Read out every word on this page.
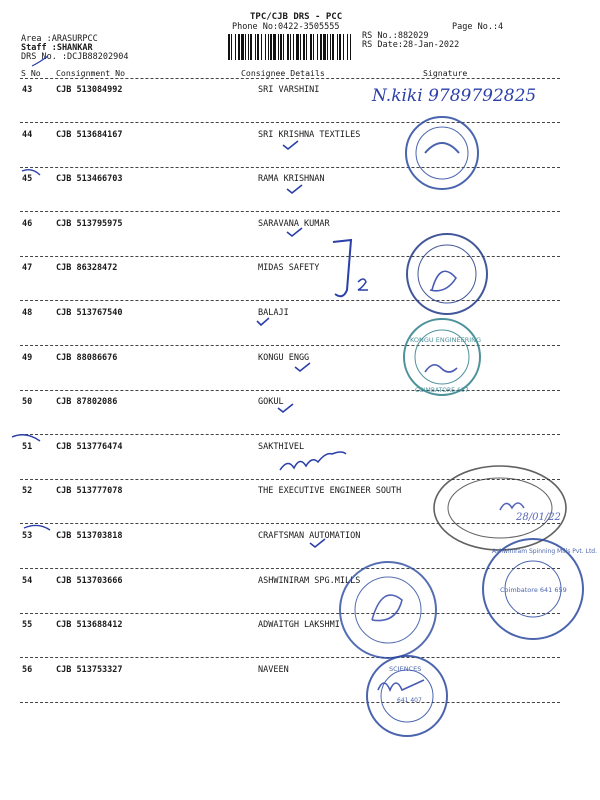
TPC/CJB DRS - PCC
Phone No:0422-3505555	Page No.:4
Area :ARASURPCC
Staff :SHANKAR
DRS No. :DCJB88202904
RS No.:882029
RS Date:28-Jan-2022
S No Consignment No	Consignee Details	Signature
43	CJB 513084992	SRI VARSHINI
44	CJB 513684167	SRI KRISHNA TEXTILES
45	CJB 513466703	RAMA KRISHNAN
46	CJB 513795975	SARAVANA KUMAR
47	CJB 86328472	MIDAS SAFETY
48	CJB 513767540	BALAJI
49	CJB 88086676	KONGU ENGG
50	CJB 87802086	GOKUL
51	CJB 513776474	SAKTHIVEL
52	CJB 513777078	THE EXECUTIVE ENGINEER SOUTH
53	CJB 513703818	CRAFTSMAN AUTOMATION
54	CJB 513703666	ASHWINIRAM SPG.MILLS
55	CJB 513688412	ADWAITGH LAKSHMI
56	CJB 513753327	NAVEEN
N.kiki 9789792825
KONGU ENGINEERING
COIMBATORE-637
28/01/22
Ashwiniram Spinning Mills Pvt. Ltd.
Coimbatore 641 659
SCIENCES
641 407
